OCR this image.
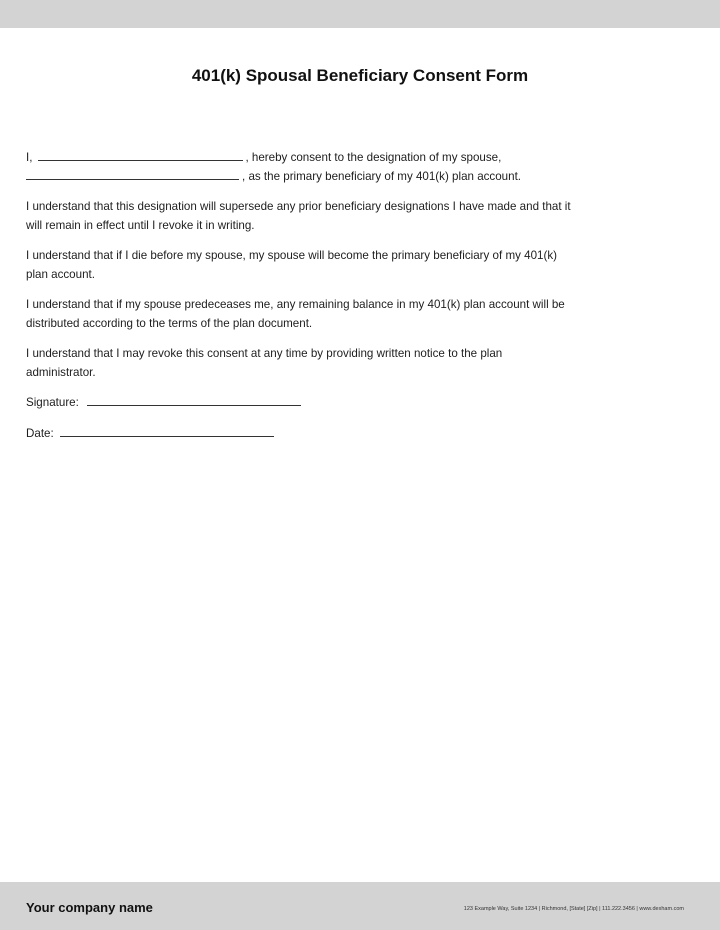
401(k) Spousal Beneficiary Consent Form
I,	, hereby consent to the designation of my spouse,
, as the primary beneficiary of my 401(k) plan account.
I understand that this designation will supersede any prior beneficiary designations I have made and that it
will remain in effect until I revoke it in writing.
I understand that if I die before my spouse, my spouse will become the primary beneficiary of my 401(k)
plan account.
I understand that if my spouse predeceases me, any remaining balance in my 401(k) plan account will be
distributed according to the terms of the plan document.
I understand that I may revoke this consent at any time by providing written notice to the plan
administrator.
Signature:
Date:
Your company name	123 Example Way, Suite 1234 | Richmond, [State] [Zip] | 111.222.3456 | www.dexham.com
